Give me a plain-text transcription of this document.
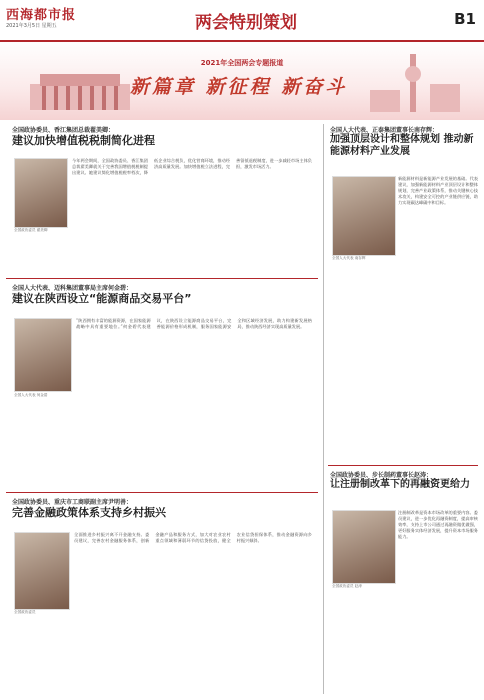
西海都市报
2021年3月5日 星期五	两会特别策划	B1
2021年全国两会专题报道
新篇章 新征程 新奋斗
全国政协委员、香江集团总裁翟美卿：
建议加快增值税税制简化进程
全国政协委员 翟美卿
今年两会期间，全国政协委员、香江集团总裁翟美卿就关于完善我国增值税税制提出建议。她建议简化增值税税率档次，降低企业综合税负，优化营商环境，推动经济高质量发展。加快增值税立法进程，完善留抵退税制度，进一步减轻市场主体负担，激发市场活力。
全国人大代表、迈科集团董事局主席何金碧：
建议在陕西设立“能源商品交易平台”
全国人大代表 何金碧
“陕西拥有丰富的能源资源，在国家能源战略中具有重要地位。”何金碧代表建议，在陕西设立能源商品交易平台，完善能源价格形成机制，服务国家能源安全和区域经济发展，助力构建新发展格局，推动陕西经济实现高质量发展。
全国政协委员、重庆市工商联副主席尹明善：
完善金融政策体系支持乡村振兴
全国政协委员
全面推进乡村振兴离不开金融支持。委员建议，完善农村金融服务体系，创新金融产品和服务方式，加大对农业农村重点领域和薄弱环节的信贷投放，健全农业信贷担保体系，推动金融资源向乡村振兴倾斜。
全国人大代表、正泰集团董事长南存辉：
加强顶层设计和整体规划 推动新能源材料产业发展
全国人大代表 南存辉
新能源材料是新能源产业发展的基础。代表建议，加强新能源材料产业顶层设计和整体规划，完善产业政策体系，推动关键核心技术攻关，构建安全可控的产业链供应链，助力实现碳达峰碳中和目标。
全国政协委员、步长制药董事长赵涛：
让注册制改革下的再融资更给力
全国政协委员 赵涛
注册制改革是资本市场改革的重要内容。委员建议，进一步优化再融资制度，提高审核效率，支持上市公司通过再融资做优做强，更好服务实体经济发展，提升资本市场服务能力。
